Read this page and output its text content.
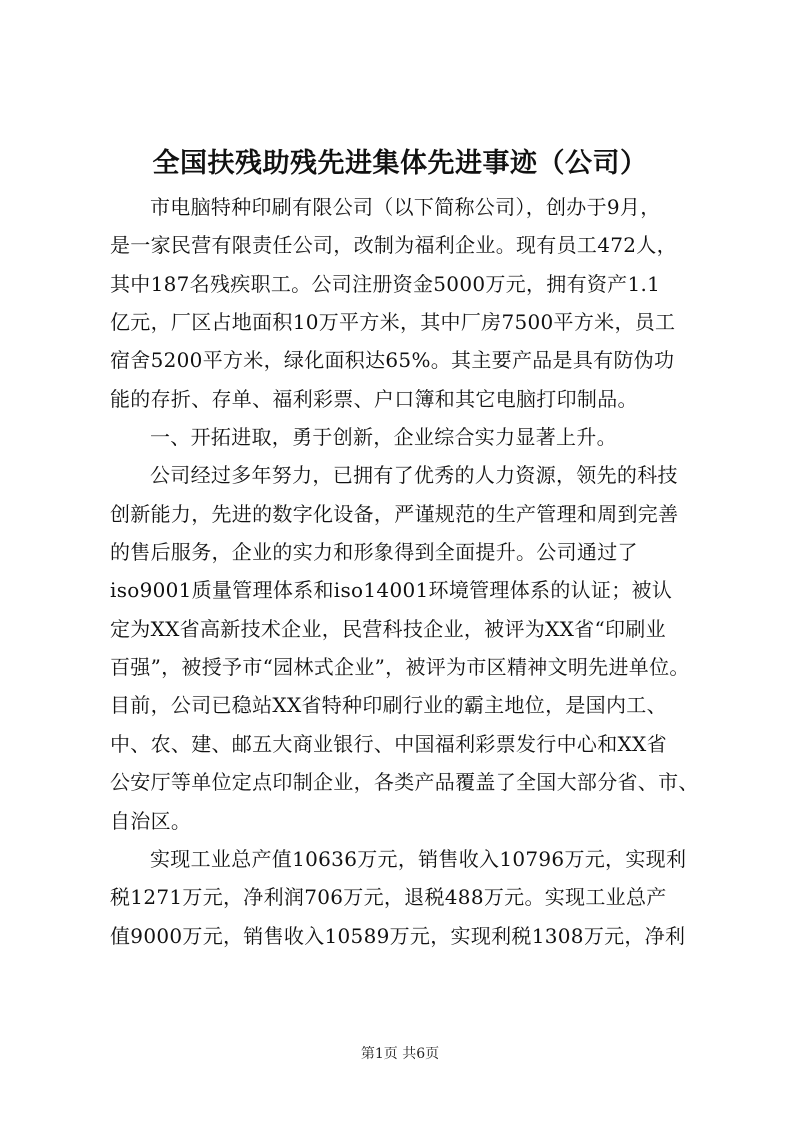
全国扶残助残先进集体先进事迹（公司）
市电脑特种印刷有限公司（以下简称公司），创办于9月，
是一家民营有限责任公司，改制为福利企业。现有员工472人，
其中187名残疾职工。公司注册资金5000万元，拥有资产1.1
亿元，厂区占地面积10万平方米，其中厂房7500平方米，员工
宿舍5200平方米，绿化面积达65%。其主要产品是具有防伪功
能的存折、存单、福利彩票、户口簿和其它电脑打印制品。
一、开拓进取，勇于创新，企业综合实力显著上升。
公司经过多年努力，已拥有了优秀的人力资源，领先的科技
创新能力，先进的数字化设备，严谨规范的生产管理和周到完善
的售后服务，企业的实力和形象得到全面提升。公司通过了
iso9001质量管理体系和iso14001环境管理体系的认证；被认
定为XX省高新技术企业，民营科技企业，被评为XX省“印刷业
百强”，被授予市“园林式企业”，被评为市区精神文明先进单位。
目前，公司已稳站XX省特种印刷行业的霸主地位，是国内工、
中、农、建、邮五大商业银行、中国福利彩票发行中心和XX省
公安厅等单位定点印制企业，各类产品覆盖了全国大部分省、市、
自治区。
实现工业总产值10636万元，销售收入10796万元，实现利
税1271万元，净利润706万元，退税488万元。实现工业总产
值9000万元，销售收入10589万元，实现利税1308万元，净利
第1页 共6页
